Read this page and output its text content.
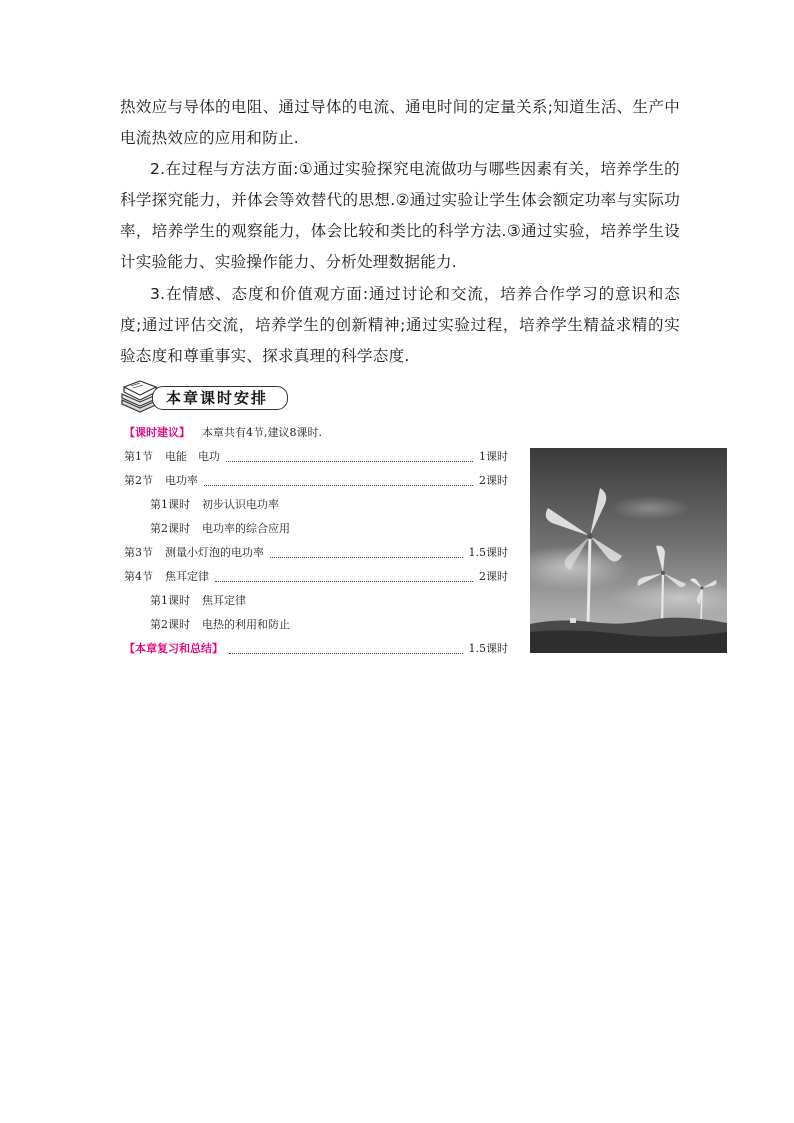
热效应与导体的电阻、通过导体的电流、通电时间的定量关系;知道生活、生产中电流热效应的应用和防止.

2.在过程与方法方面:①通过实验探究电流做功与哪些因素有关，培养学生的科学探究能力，并体会等效替代的思想.②通过实验让学生体会额定功率与实际功率，培养学生的观察能力，体会比较和类比的科学方法.③通过实验，培养学生设计实验能力、实验操作能力、分析处理数据能力.

3.在情感、态度和价值观方面:通过讨论和交流，培养合作学习的意识和态度;通过评估交流，培养学生的创新精神;通过实验过程，培养学生精益求精的实验态度和尊重事实、探求真理的科学态度.

本章课时安排
【课时建议】 本章共有4节,建议8课时.
第1节 电能　电功	1课时
第2节 电功率	2课时
第1课时 初步认识电功率
第2课时 电功率的综合应用
第3节 测量小灯泡的电功率	1.5课时
第4节 焦耳定律	2课时
第1课时 焦耳定律
第2课时 电热的利用和防止
【本章复习和总结】	1.5课时
